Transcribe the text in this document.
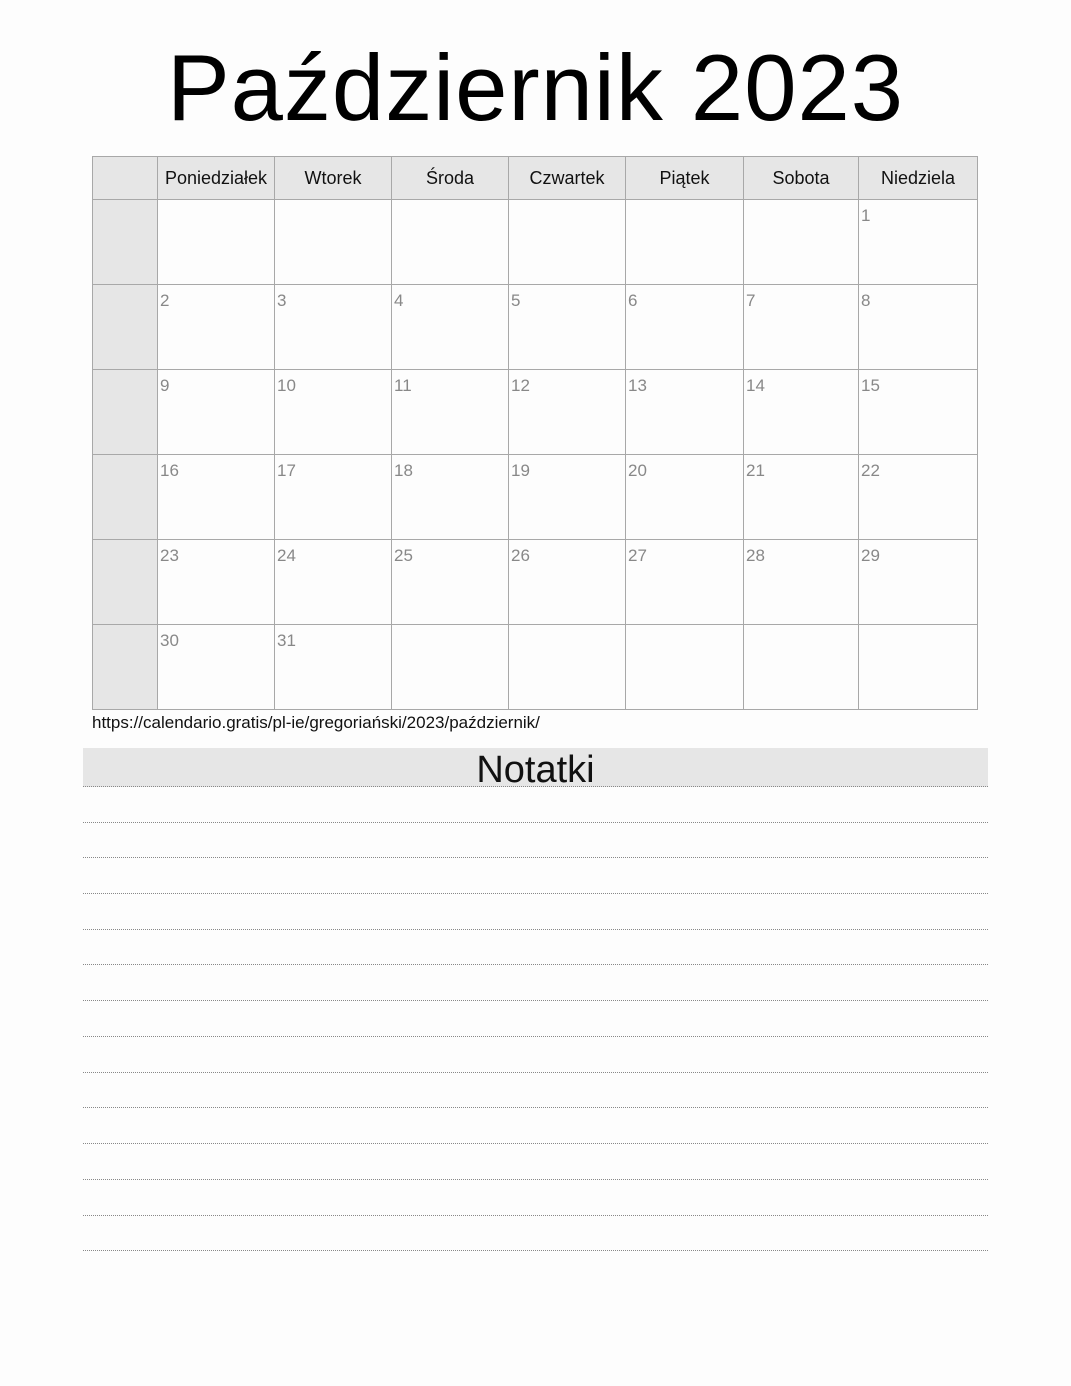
Październik 2023
	Poniedziałek	Wtorek	Środa	Czwartek	Piątek	Sobota	Niedziela

							1

	2	3	4	5	6	7	8

	9	10	11	12	13	14	15

	16	17	18	19	20	21	22

	23	24	25	26	27	28	29

	30	31					

https://calendario.gratis/pl-ie/gregoriański/2023/październik/
Notatki
